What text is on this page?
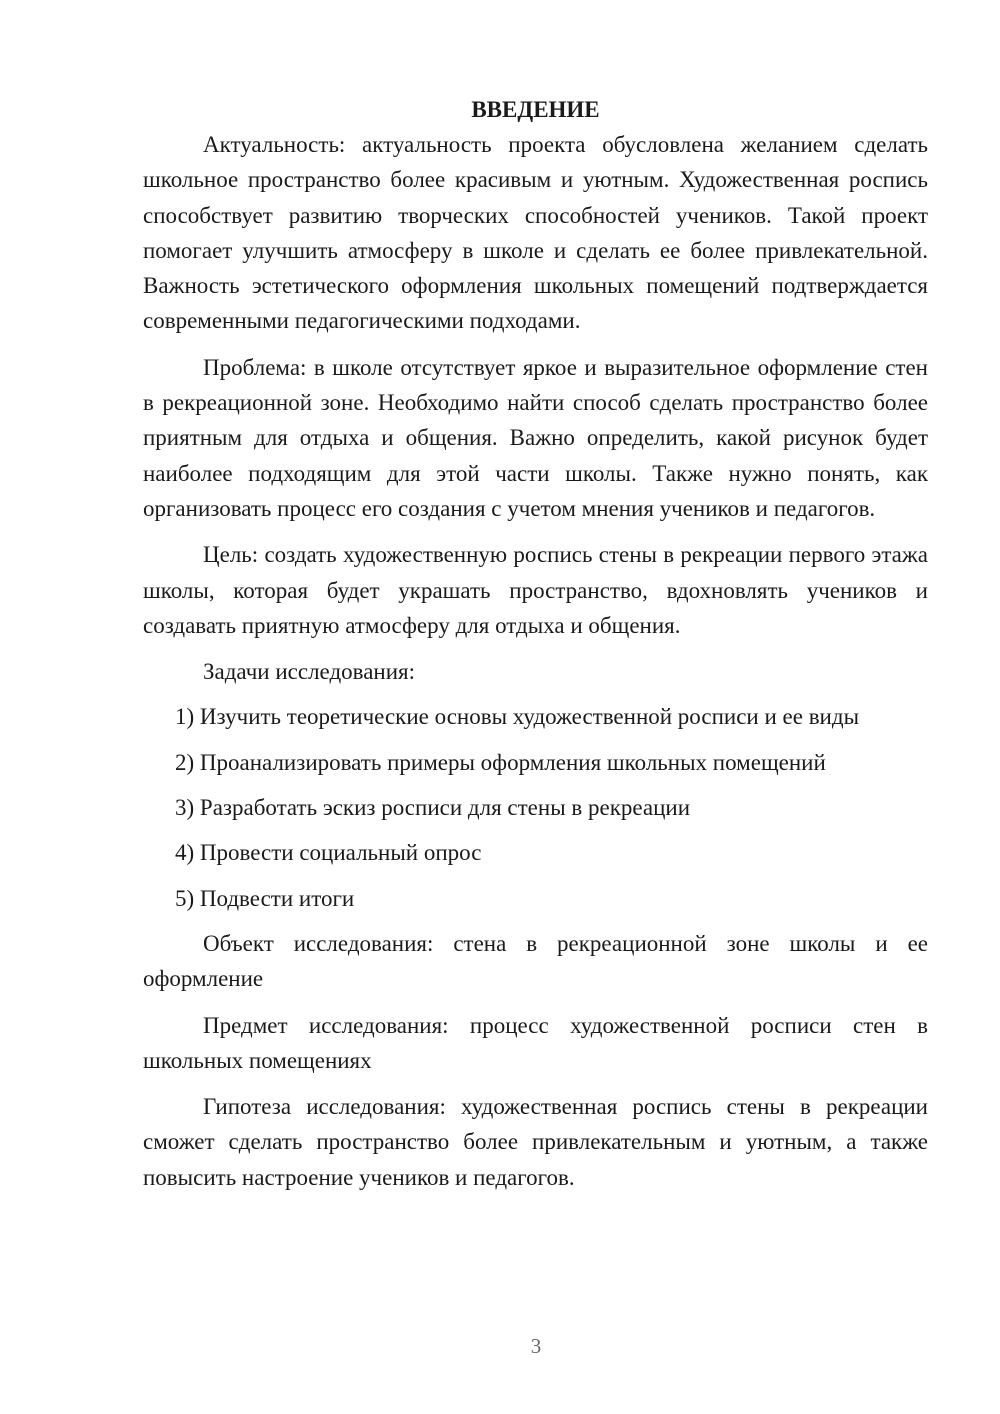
ВВЕДЕНИЕ

Актуальность: актуальность проекта обусловлена желанием сделать школьное пространство более красивым и уютным. Художественная роспись способствует развитию творческих способностей учеников. Такой проект помогает улучшить атмосферу в школе и сделать ее более привлекательной. Важность эстетического оформления школьных помещений подтверждается современными педагогическими подходами.

Проблема: в школе отсутствует яркое и выразительное оформление стен в рекреационной зоне. Необходимо найти способ сделать пространство более приятным для отдыха и общения. Важно определить, какой рисунок будет наиболее подходящим для этой части школы. Также нужно понять, как организовать процесс его создания с учетом мнения учеников и педагогов.

Цель: создать художественную роспись стены в рекреации первого этажа школы, которая будет украшать пространство, вдохновлять учеников и создавать приятную атмосферу для отдыха и общения.

Задачи исследования:

1) Изучить теоретические основы художественной росписи и ее виды
2) Проанализировать примеры оформления школьных помещений
3) Разработать эскиз росписи для стены в рекреации
4) Провести социальный опрос
5) Подвести итоги

Объект исследования: стена в рекреационной зоне школы и ее оформление

Предмет исследования: процесс художественной росписи стен в школьных помещениях

Гипотеза исследования: художественная роспись стены в рекреации сможет сделать пространство более привлекательным и уютным, а также повысить настроение учеников и педагогов.

3
